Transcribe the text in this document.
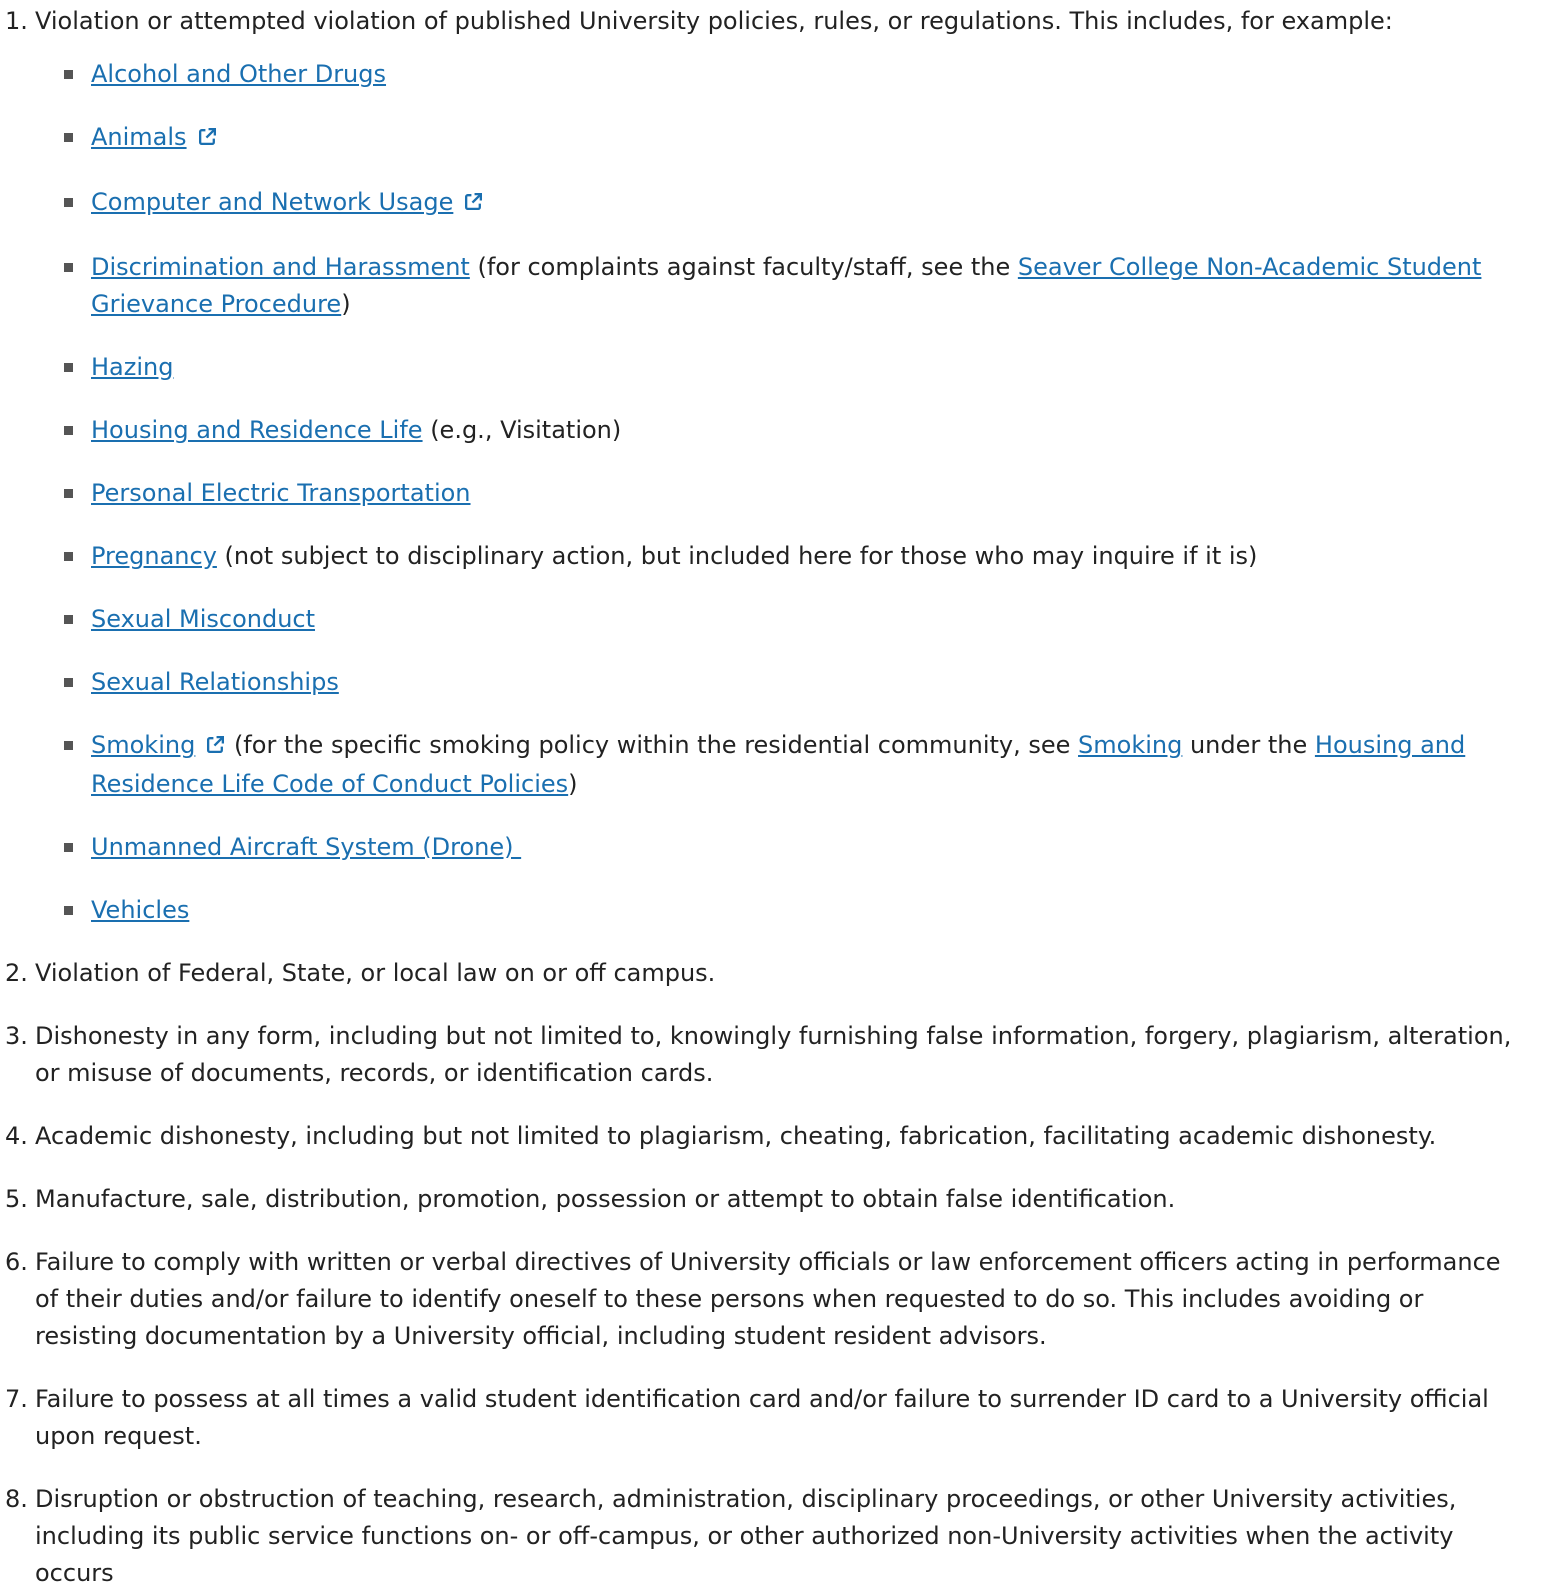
1. Violation or attempted violation of published University policies, rules, or regulations. This includes, for example:
Alcohol and Other Drugs
Animals
Computer and Network Usage
Discrimination and Harassment (for complaints against faculty/staff, see the Seaver College Non-Academic Student Grievance Procedure)
Hazing
Housing and Residence Life (e.g., Visitation)
Personal Electric Transportation
Pregnancy (not subject to disciplinary action, but included here for those who may inquire if it is)
Sexual Misconduct
Sexual Relationships
Smoking (for the specific smoking policy within the residential community, see Smoking under the Housing and Residence Life Code of Conduct Policies)
Unmanned Aircraft System (Drone)
Vehicles
2. Violation of Federal, State, or local law on or off campus.
3. Dishonesty in any form, including but not limited to, knowingly furnishing false information, forgery, plagiarism, alteration, or misuse of documents, records, or identification cards.
4. Academic dishonesty, including but not limited to plagiarism, cheating, fabrication, facilitating academic dishonesty.
5. Manufacture, sale, distribution, promotion, possession or attempt to obtain false identification.
6. Failure to comply with written or verbal directives of University officials or law enforcement officers acting in performance of their duties and/or failure to identify oneself to these persons when requested to do so. This includes avoiding or resisting documentation by a University official, including student resident advisors.
7. Failure to possess at all times a valid student identification card and/or failure to surrender ID card to a University official upon request.
8. Disruption or obstruction of teaching, research, administration, disciplinary proceedings, or other University activities, including its public service functions on- or off-campus, or other authorized non-University activities when the activity occurs
